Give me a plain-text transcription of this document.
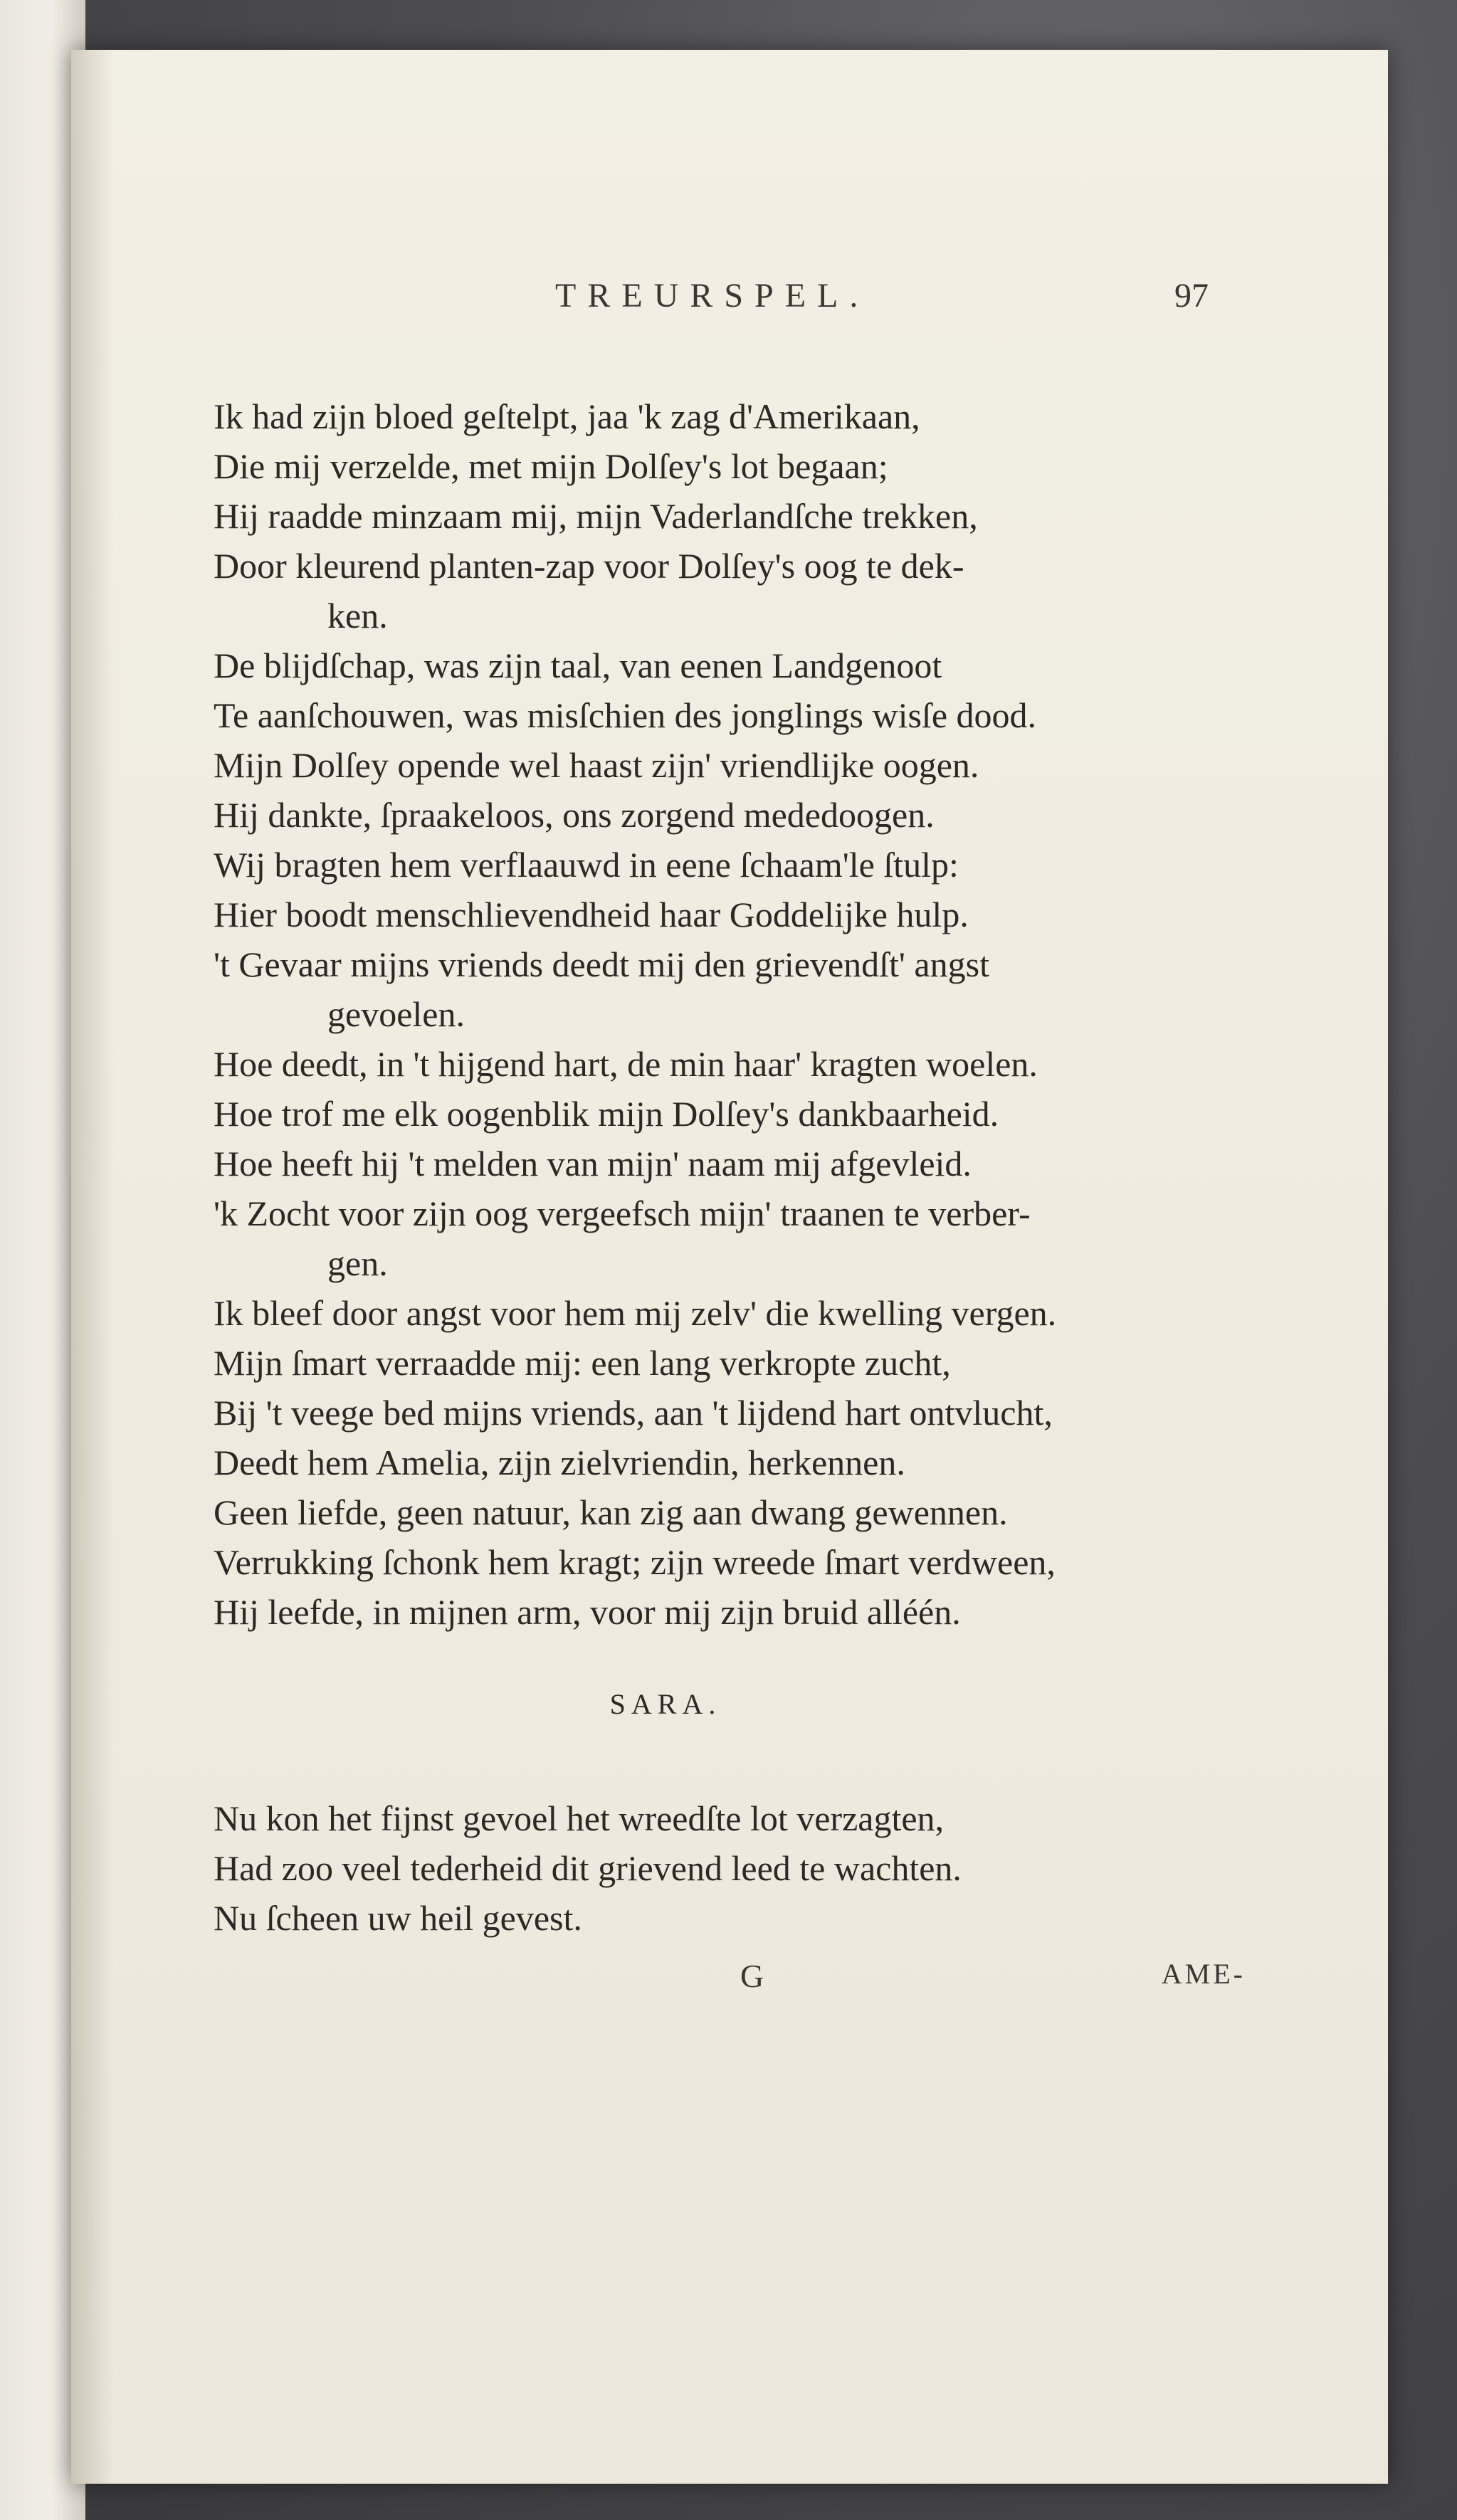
TREURSPEL.	97
Ik had zijn bloed geſtelpt, jaa 'k zag d'Amerikaan,
Die mij verzelde, met mijn Dolſey's lot begaan;
Hij raadde minzaam mij, mijn Vaderlandſche trekken,
Door kleurend planten-zap voor Dolſey's oog te dek-
ken.
De blijdſchap, was zijn taal, van eenen Landgenoot
Te aanſchouwen, was misſchien des jonglings wisſe dood.
Mijn Dolſey opende wel haast zijn' vriendlijke oogen.
Hij dankte, ſpraakeloos, ons zorgend mededoogen.
Wij bragten hem verflaauwd in eene ſchaam'le ſtulp:
Hier boodt menschlievendheid haar Goddelijke hulp.
't Gevaar mijns vriends deedt mij den grievendſt' angst
gevoelen.
Hoe deedt, in 't hijgend hart, de min haar' kragten woelen.
Hoe trof me elk oogenblik mijn Dolſey's dankbaarheid.
Hoe heeft hij 't melden van mijn' naam mij afgevleid.
'k Zocht voor zijn oog vergeefsch mijn' traanen te verber-
gen.
Ik bleef door angst voor hem mij zelv' die kwelling vergen.
Mijn ſmart verraadde mij: een lang verkropte zucht,
Bij 't veege bed mijns vriends, aan 't lijdend hart ontvlucht,
Deedt hem Amelia, zijn zielvriendin, herkennen.
Geen liefde, geen natuur, kan zig aan dwang gewennen.
Verrukking ſchonk hem kragt; zijn wreede ſmart verdween,
Hij leefde, in mijnen arm, voor mij zijn bruid alléén.
SARA.
Nu kon het fijnst gevoel het wreedſte lot verzagten,
Had zoo veel tederheid dit grievend leed te wachten.
Nu ſcheen uw heil gevest.
G	AME-
